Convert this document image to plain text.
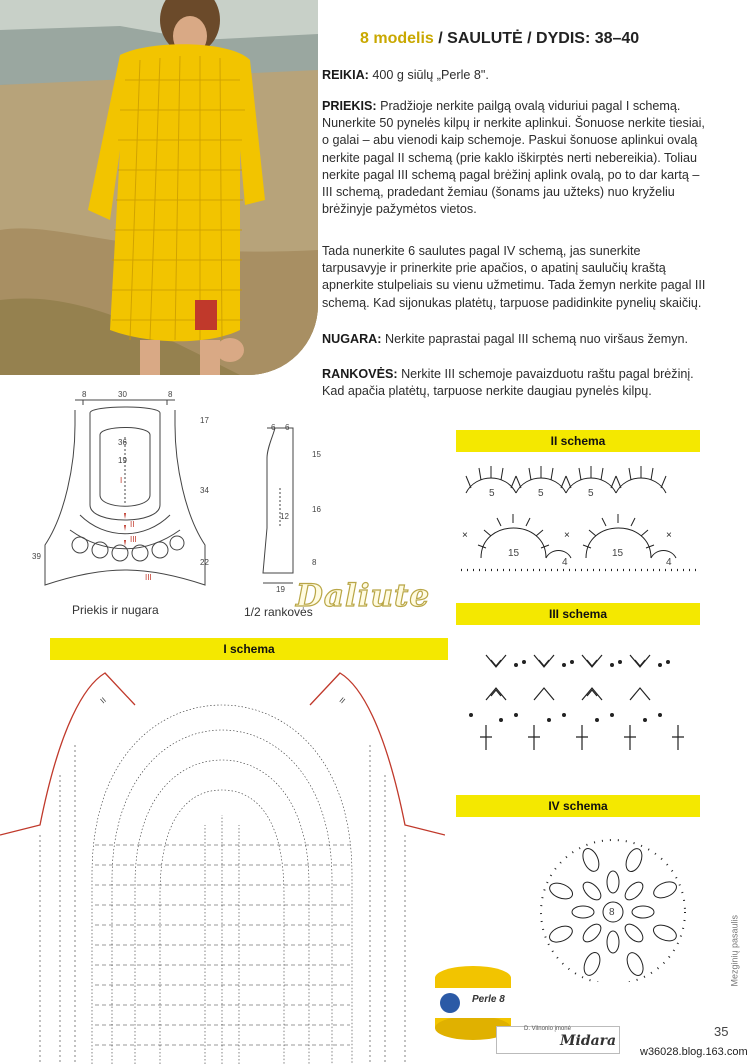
8 modelis / SAULUTĖ / DYDIS: 38–40

REIKIA: 400 g siūlų „Perle 8".

PRIEKIS: Pradžioje nerkite pailgą ovalą viduriui pagal I schemą. Nunerkite 50 pynelės kilpų ir nerkite aplinkui. Šonuose nerkite tiesiai, o galai – abu vienodi kaip schemoje. Paskui šonuose aplinkui ovalą nerkite pagal II schemą (prie kaklo iškirptės nerti nebereikia). Toliau nerkite pagal III schemą pagal brėžinį aplink ovalą, po to dar kartą – III schemą, pradedant žemiau (šonams jau užteks) nuo kryželiu brėžinyje pažymėtos vietos.

Tada nunerkite 6 saulutes pagal IV schemą, jas sunerkite tarpusavyje ir prinerkite prie apačios, o apatinį saulučių kraštą apnerkite stulpeliais su vienu užmetimu. Tada žemyn nerkite pagal III schemą. Kad sijonukas platėtų, tarpuose padidinkite pynelių skaičių.

NUGARA: Nerkite paprastai pagal III schemą nuo viršaus žemyn.

RANKOVĖS: Nerkite III schemoje pavaizduotu raštu pagal brėžinį. Kad apačia platėtų, tarpuose nerkite daugiau pynelės kilpų.

8	30	8
17
36
19
34
39
22
I
II
III
III
Priekis ir nugara
6 6
15
16
12
8
19
1/2 rankovės
Daliute
I schema
II	II
II schema
×	×	×
5	5	5
15	15
4	4
III schema
IV schema
8
Perle 8
D. Vilnonio įmonė
Midara
Mezginių pasaulis
35
w36028.blog.163.com
